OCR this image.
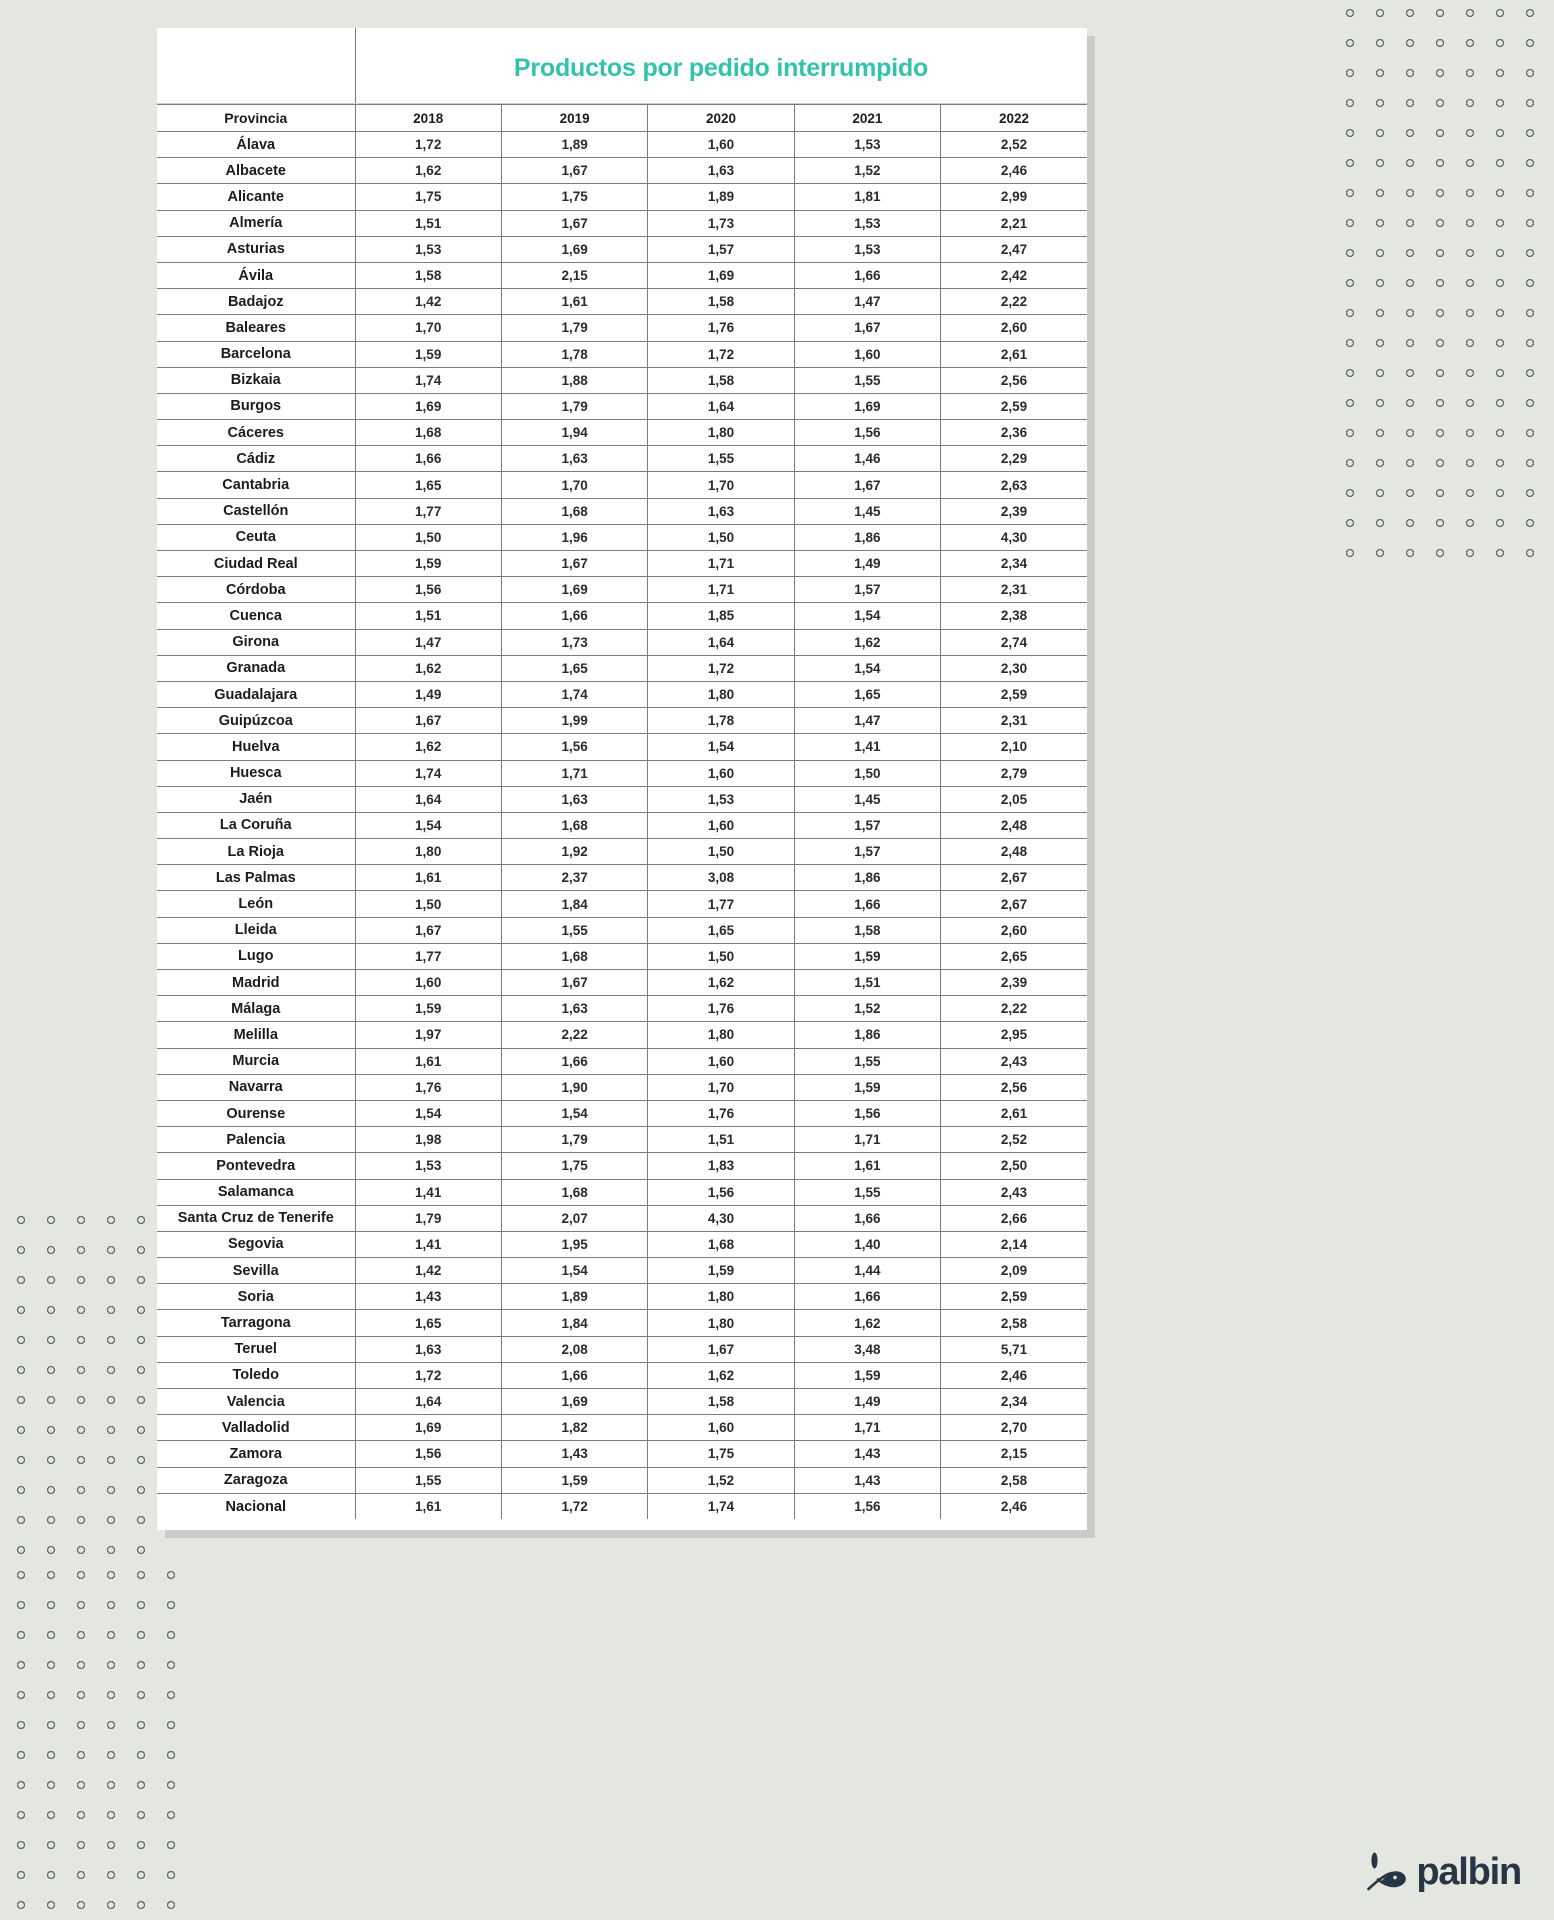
Productos por pedido interrumpido
Provincia	2018	2019	2020	2021	2022
Álava	1,72	1,89	1,60	1,53	2,52
Albacete	1,62	1,67	1,63	1,52	2,46
Alicante	1,75	1,75	1,89	1,81	2,99
Almería	1,51	1,67	1,73	1,53	2,21
Asturias	1,53	1,69	1,57	1,53	2,47
Ávila	1,58	2,15	1,69	1,66	2,42
Badajoz	1,42	1,61	1,58	1,47	2,22
Baleares	1,70	1,79	1,76	1,67	2,60
Barcelona	1,59	1,78	1,72	1,60	2,61
Bizkaia	1,74	1,88	1,58	1,55	2,56
Burgos	1,69	1,79	1,64	1,69	2,59
Cáceres	1,68	1,94	1,80	1,56	2,36
Cádiz	1,66	1,63	1,55	1,46	2,29
Cantabria	1,65	1,70	1,70	1,67	2,63
Castellón	1,77	1,68	1,63	1,45	2,39
Ceuta	1,50	1,96	1,50	1,86	4,30
Ciudad Real	1,59	1,67	1,71	1,49	2,34
Córdoba	1,56	1,69	1,71	1,57	2,31
Cuenca	1,51	1,66	1,85	1,54	2,38
Girona	1,47	1,73	1,64	1,62	2,74
Granada	1,62	1,65	1,72	1,54	2,30
Guadalajara	1,49	1,74	1,80	1,65	2,59
Guipúzcoa	1,67	1,99	1,78	1,47	2,31
Huelva	1,62	1,56	1,54	1,41	2,10
Huesca	1,74	1,71	1,60	1,50	2,79
Jaén	1,64	1,63	1,53	1,45	2,05
La Coruña	1,54	1,68	1,60	1,57	2,48
La Rioja	1,80	1,92	1,50	1,57	2,48
Las Palmas	1,61	2,37	3,08	1,86	2,67
León	1,50	1,84	1,77	1,66	2,67
Lleida	1,67	1,55	1,65	1,58	2,60
Lugo	1,77	1,68	1,50	1,59	2,65
Madrid	1,60	1,67	1,62	1,51	2,39
Málaga	1,59	1,63	1,76	1,52	2,22
Melilla	1,97	2,22	1,80	1,86	2,95
Murcia	1,61	1,66	1,60	1,55	2,43
Navarra	1,76	1,90	1,70	1,59	2,56
Ourense	1,54	1,54	1,76	1,56	2,61
Palencia	1,98	1,79	1,51	1,71	2,52
Pontevedra	1,53	1,75	1,83	1,61	2,50
Salamanca	1,41	1,68	1,56	1,55	2,43
Santa Cruz de Tenerife	1,79	2,07	4,30	1,66	2,66
Segovia	1,41	1,95	1,68	1,40	2,14
Sevilla	1,42	1,54	1,59	1,44	2,09
Soria	1,43	1,89	1,80	1,66	2,59
Tarragona	1,65	1,84	1,80	1,62	2,58
Teruel	1,63	2,08	1,67	3,48	5,71
Toledo	1,72	1,66	1,62	1,59	2,46
Valencia	1,64	1,69	1,58	1,49	2,34
Valladolid	1,69	1,82	1,60	1,71	2,70
Zamora	1,56	1,43	1,75	1,43	2,15
Zaragoza	1,55	1,59	1,52	1,43	2,58
Nacional	1,61	1,72	1,74	1,56	2,46
palbin
